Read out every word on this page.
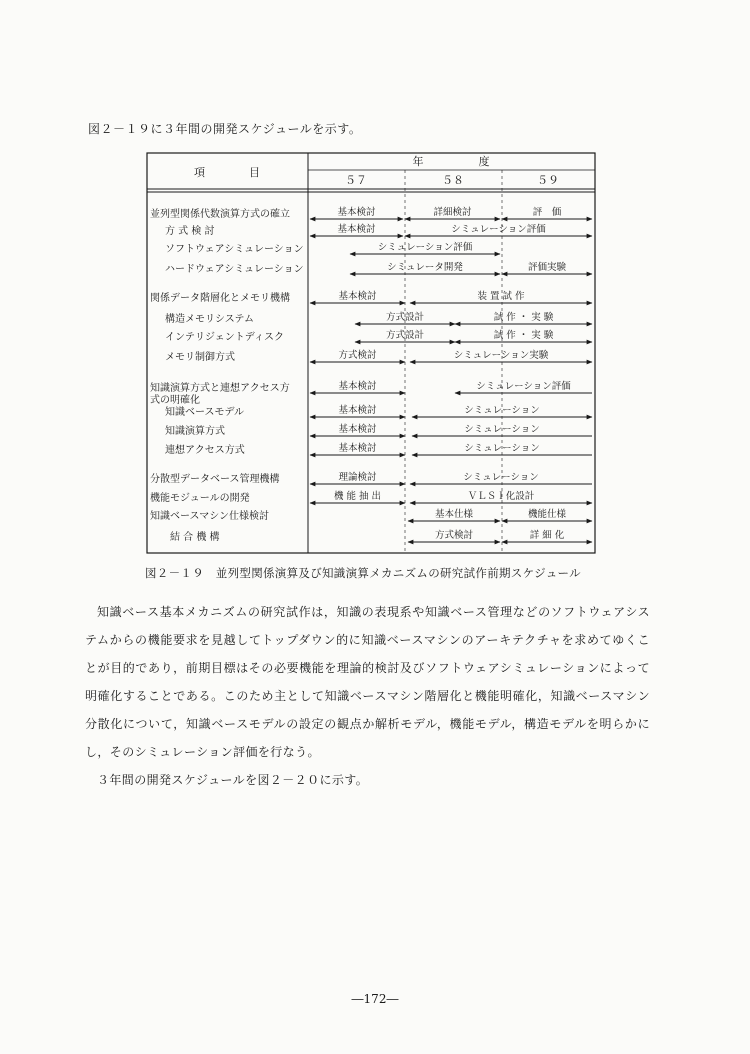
図２－１９に３年間の開発スケジュールを示す。
項　　　　目
年　　　　　度
５７	５８	５９
並列型関係代数演算方式の確立	基本検討	詳細検討	評　価
方 式 検 討	基本検討	シミュレーション評価
ソフトウェアシミュレーション	シミュレーション評価
ハードウェアシミュレーション	シミュレータ開発	評価実験
関係データ階層化とメモリ機構	基本検討	装 置 試 作
構造メモリシステム	方式設計	試 作 ・ 実 験
インテリジェントディスク	方式設計	試 作 ・ 実 験
メモリ制御方式	方式検討	シミュレーション実験
知識演算方式と連想アクセス方
式の明確化
基本検討	シミュレーション評価
知識ベースモデル	基本検討	シミュレーション
知識演算方式	基本検討	シミュレーション
連想アクセス方式	基本検討	シミュレーション
分散型データベース管理機構	理論検討	シミュレーション
機能モジュールの開発	機 能 抽 出	ＶＬＳＩ化設計
知識ベースマシン仕様検討	基本仕様	機能仕様
結 合 機 構	方式検討	詳 細 化
図２－１９　並列型関係演算及び知識演算メカニズムの研究試作前期スケジュール

知識ベース基本メカニズムの研究試作は，知識の表現系や知識ベース管理などのソフトウェアシステムからの機能要求を見越してトップダウン的に知識ベースマシンのアーキテクチャを求めてゆくことが目的であり，前期目標はその必要機能を理論的検討及びソフトウェアシミュレーションによって明確化することである。このため主として知識ベースマシン階層化と機能明確化，知識ベースマシン分散化について，知識ベースモデルの設定の観点か解析モデル，機能モデル，構造モデルを明らかにし，そのシミュレーション評価を行なう。

３年間の開発スケジュールを図２－２０に示す。

―172―
